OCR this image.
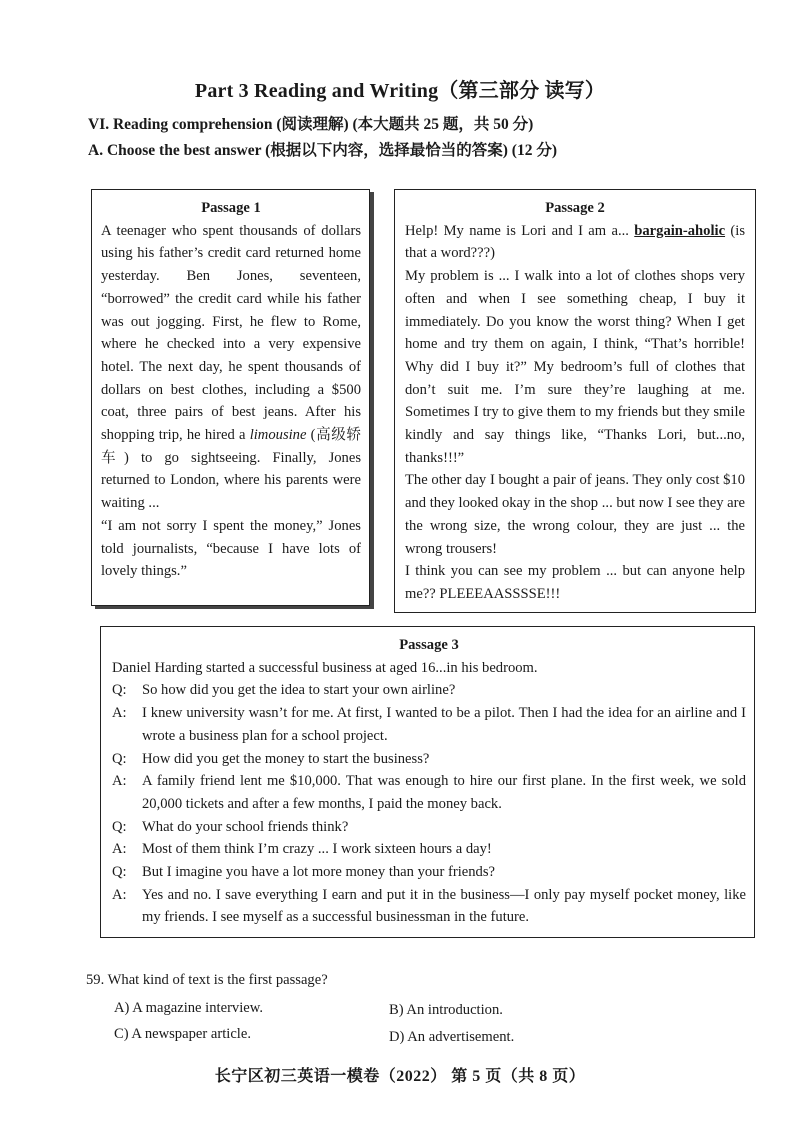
Part 3 Reading and Writing（第三部分 读写）
VI. Reading comprehension (阅读理解) (本大题共 25 题，共 50 分)
A. Choose the best answer (根据以下内容，选择最恰当的答案) (12 分)

Passage 1

A teenager who spent thousands of dollars using his father’s credit card returned home yesterday. Ben Jones, seventeen, “borrowed” the credit card while his father was out jogging. First, he flew to Rome, where he checked into a very expensive hotel. The next day, he spent thousands of dollars on best clothes, including a $500 coat, three pairs of best jeans. After his shopping trip, he hired a limousine (高级轿车) to go sightseeing. Finally, Jones returned to London, where his parents were waiting ...

“I am not sorry I spent the money,” Jones told journalists, “because I have lots of lovely things.”

Passage 2

Help! My name is Lori and I am a... bargain-aholic (is that a word???)

My problem is ... I walk into a lot of clothes shops very often and when I see something cheap, I buy it immediately. Do you know the worst thing? When I get home and try them on again, I think, “That’s horrible! Why did I buy it?” My bedroom’s full of clothes that don’t suit me. I’m sure they’re laughing at me. Sometimes I try to give them to my friends but they smile kindly and say things like, “Thanks Lori, but...no, thanks!!!”

The other day I bought a pair of jeans. They only cost $10 and they looked okay in the shop ... but now I see they are the wrong size, the wrong colour, they are just ... the wrong trousers!

I think you can see my problem ... but can anyone help me?? PLEEEAASSSSE!!!

Passage 3

Daniel Harding started a successful business at aged 16...in his bedroom.

Q:	So how did you get the idea to start your own airline?
A:	I knew university wasn’t for me. At first, I wanted to be a pilot. Then I had the idea for an airline and I wrote a business plan for a school project.
Q:	How did you get the money to start the business?
A:	A family friend lent me $10,000. That was enough to hire our first plane. In the first week, we sold 20,000 tickets and after a few months, I paid the money back.
Q:	What do your school friends think?
A:	Most of them think I’m crazy ... I work sixteen hours a day!
Q:	But I imagine you have a lot more money than your friends?
A:	Yes and no. I save everything I earn and put it in the business—I only pay myself pocket money, like my friends. I see myself as a successful businessman in the future.
59. What kind of text is the first passage?
A) A magazine interview.	B) An introduction.
C) A newspaper article.	D) An advertisement.
长宁区初三英语一模卷（2022） 第 5 页（共 8 页）
